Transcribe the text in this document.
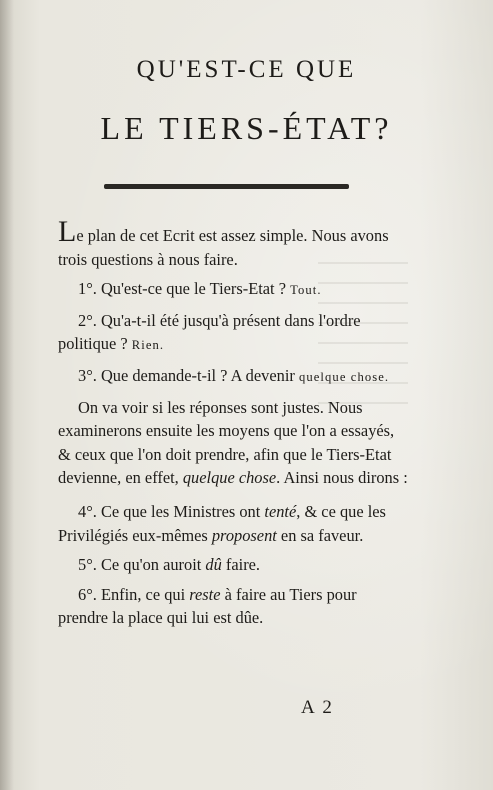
QU'EST-CE QUE
LE TIERS-ÉTAT?

Le plan de cet Ecrit est assez simple. Nous avons trois questions à nous faire.

1°. Qu'est-ce que le Tiers-Etat ? Tout.

2°. Qu'a-t-il été jusqu'à présent dans l'ordre politique ? Rien.

3°. Que demande-t-il ? A devenir quelque chose.

On va voir si les réponses sont justes. Nous examinerons ensuite les moyens que l'on a essayés, & ceux que l'on doit prendre, afin que le Tiers-Etat devienne, en effet, quelque chose. Ainsi nous dirons :

4°. Ce que les Ministres ont tenté, & ce que les Privilégiés eux-mêmes proposent en sa faveur.

5°. Ce qu'on auroit dû faire.

6°. Enfin, ce qui reste à faire au Tiers pour prendre la place qui lui est dûe.

A 2
